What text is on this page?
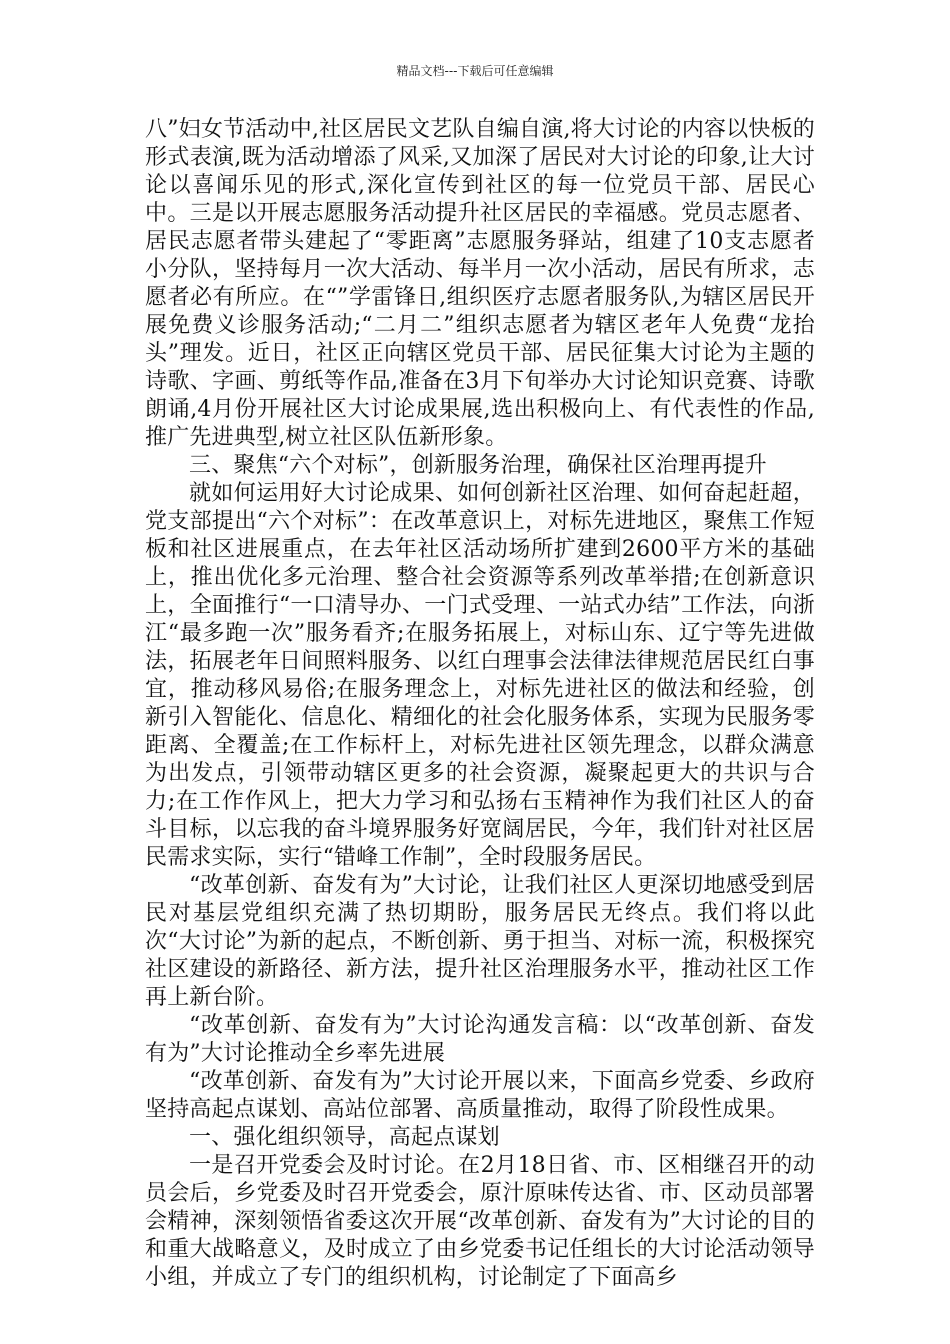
精品文档---下载后可任意编辑

八”妇女节活动中,社区居民文艺队自编自演,将大讨论的内容以快板的形式表演,既为活动增添了风采,又加深了居民对大讨论的印象,让大讨论以喜闻乐见的形式,深化宣传到社区的每一位党员干部、居民心中。三是以开展志愿服务活动提升社区居民的幸福感。党员志愿者、居民志愿者带头建起了“零距离”志愿服务驿站，组建了10支志愿者小分队，坚持每月一次大活动、每半月一次小活动，居民有所求，志愿者必有所应。在“”学雷锋日,组织医疗志愿者服务队,为辖区居民开展免费义诊服务活动;“二月二”组织志愿者为辖区老年人免费“龙抬头”理发。近日，社区正向辖区党员干部、居民征集大讨论为主题的诗歌、字画、剪纸等作品,准备在3月下旬举办大讨论知识竞赛、诗歌朗诵,4月份开展社区大讨论成果展,选出积极向上、有代表性的作品,推广先进典型,树立社区队伍新形象。

三、聚焦“六个对标”，创新服务治理，确保社区治理再提升

就如何运用好大讨论成果、如何创新社区治理、如何奋起赶超，党支部提出“六个对标”：在改革意识上，对标先进地区，聚焦工作短板和社区进展重点，在去年社区活动场所扩建到2600平方米的基础上，推出优化多元治理、整合社会资源等系列改革举措;在创新意识上，全面推行“一口清导办、一门式受理、一站式办结”工作法，向浙江“最多跑一次”服务看齐;在服务拓展上，对标山东、辽宁等先进做法，拓展老年日间照料服务、以红白理事会法律法律规范居民红白事宜，推动移风易俗;在服务理念上，对标先进社区的做法和经验，创新引入智能化、信息化、精细化的社会化服务体系，实现为民服务零距离、全覆盖;在工作标杆上，对标先进社区领先理念，以群众满意为出发点，引领带动辖区更多的社会资源，凝聚起更大的共识与合力;在工作作风上，把大力学习和弘扬右玉精神作为我们社区人的奋斗目标，以忘我的奋斗境界服务好宽阔居民，今年，我们针对社区居民需求实际，实行“错峰工作制”，全时段服务居民。

“改革创新、奋发有为”大讨论，让我们社区人更深切地感受到居民对基层党组织充满了热切期盼，服务居民无终点。我们将以此次“大讨论”为新的起点，不断创新、勇于担当、对标一流，积极探究社区建设的新路径、新方法，提升社区治理服务水平，推动社区工作再上新台阶。

“改革创新、奋发有为”大讨论沟通发言稿：以“改革创新、奋发有为”大讨论推动全乡率先进展

“改革创新、奋发有为”大讨论开展以来，下面高乡党委、乡政府坚持高起点谋划、高站位部署、高质量推动，取得了阶段性成果。

一、强化组织领导，高起点谋划

一是召开党委会及时讨论。在2月18日省、市、区相继召开的动员会后，乡党委及时召开党委会，原汁原味传达省、市、区动员部署会精神，深刻领悟省委这次开展“改革创新、奋发有为”大讨论的目的和重大战略意义，及时成立了由乡党委书记任组长的大讨论活动领导小组，并成立了专门的组织机构，讨论制定了下面高乡
